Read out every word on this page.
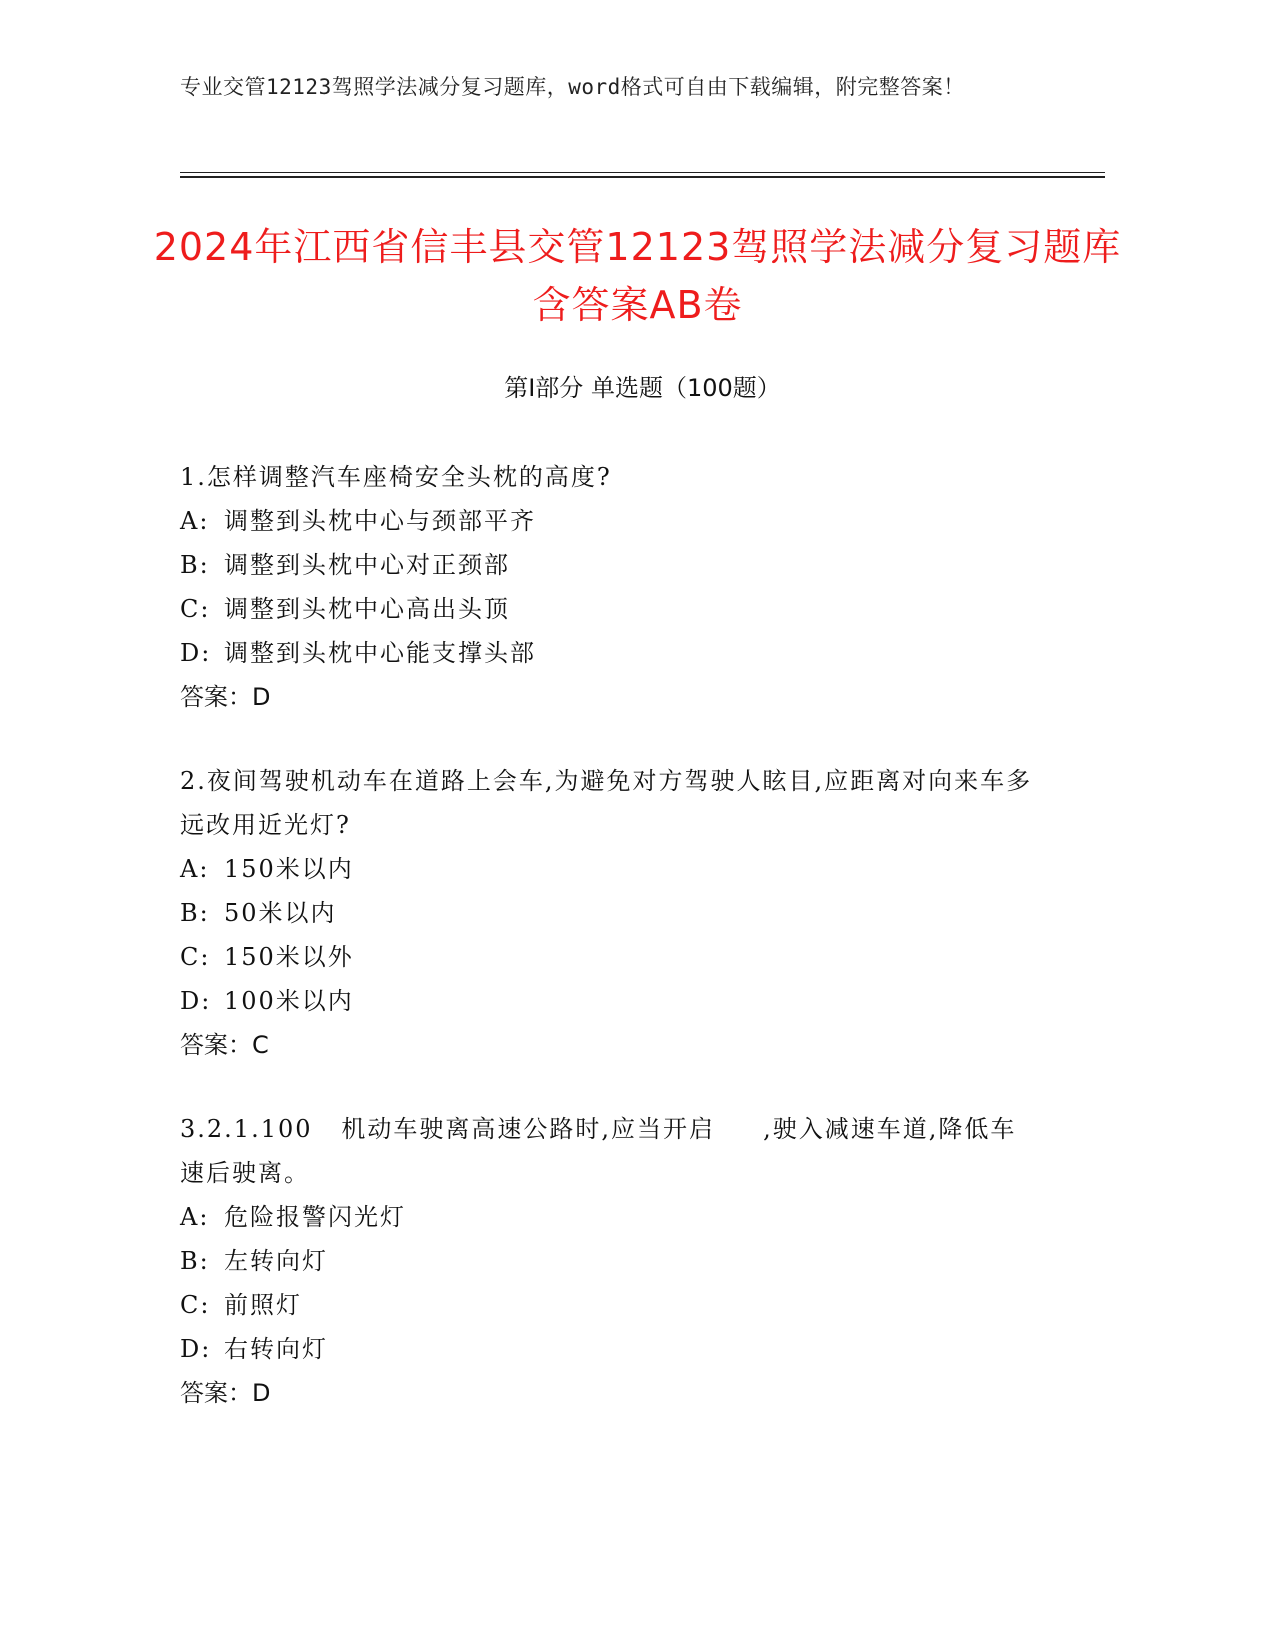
专业交管12123驾照学法减分复习题库，word格式可自由下载编辑，附完整答案！
2024年江西省信丰县交管12123驾照学法减分复习题库含答案AB卷
第Ⅰ部分 单选题（100题）
1.怎样调整汽车座椅安全头枕的高度?
A: 调整到头枕中心与颈部平齐
B: 调整到头枕中心对正颈部
C: 调整到头枕中心高出头顶
D: 调整到头枕中心能支撑头部
答案：D
2.夜间驾驶机动车在道路上会车,为避免对方驾驶人眩目,应距离对向来车多远改用近光灯?
A: 150米以内
B: 50米以内
C: 150米以外
D: 100米以内
答案：C
3.2.1.100   机动车驶离高速公路时,应当开启     ,驶入减速车道,降低车速后驶离。
A: 危险报警闪光灯
B: 左转向灯
C: 前照灯
D: 右转向灯
答案：D
